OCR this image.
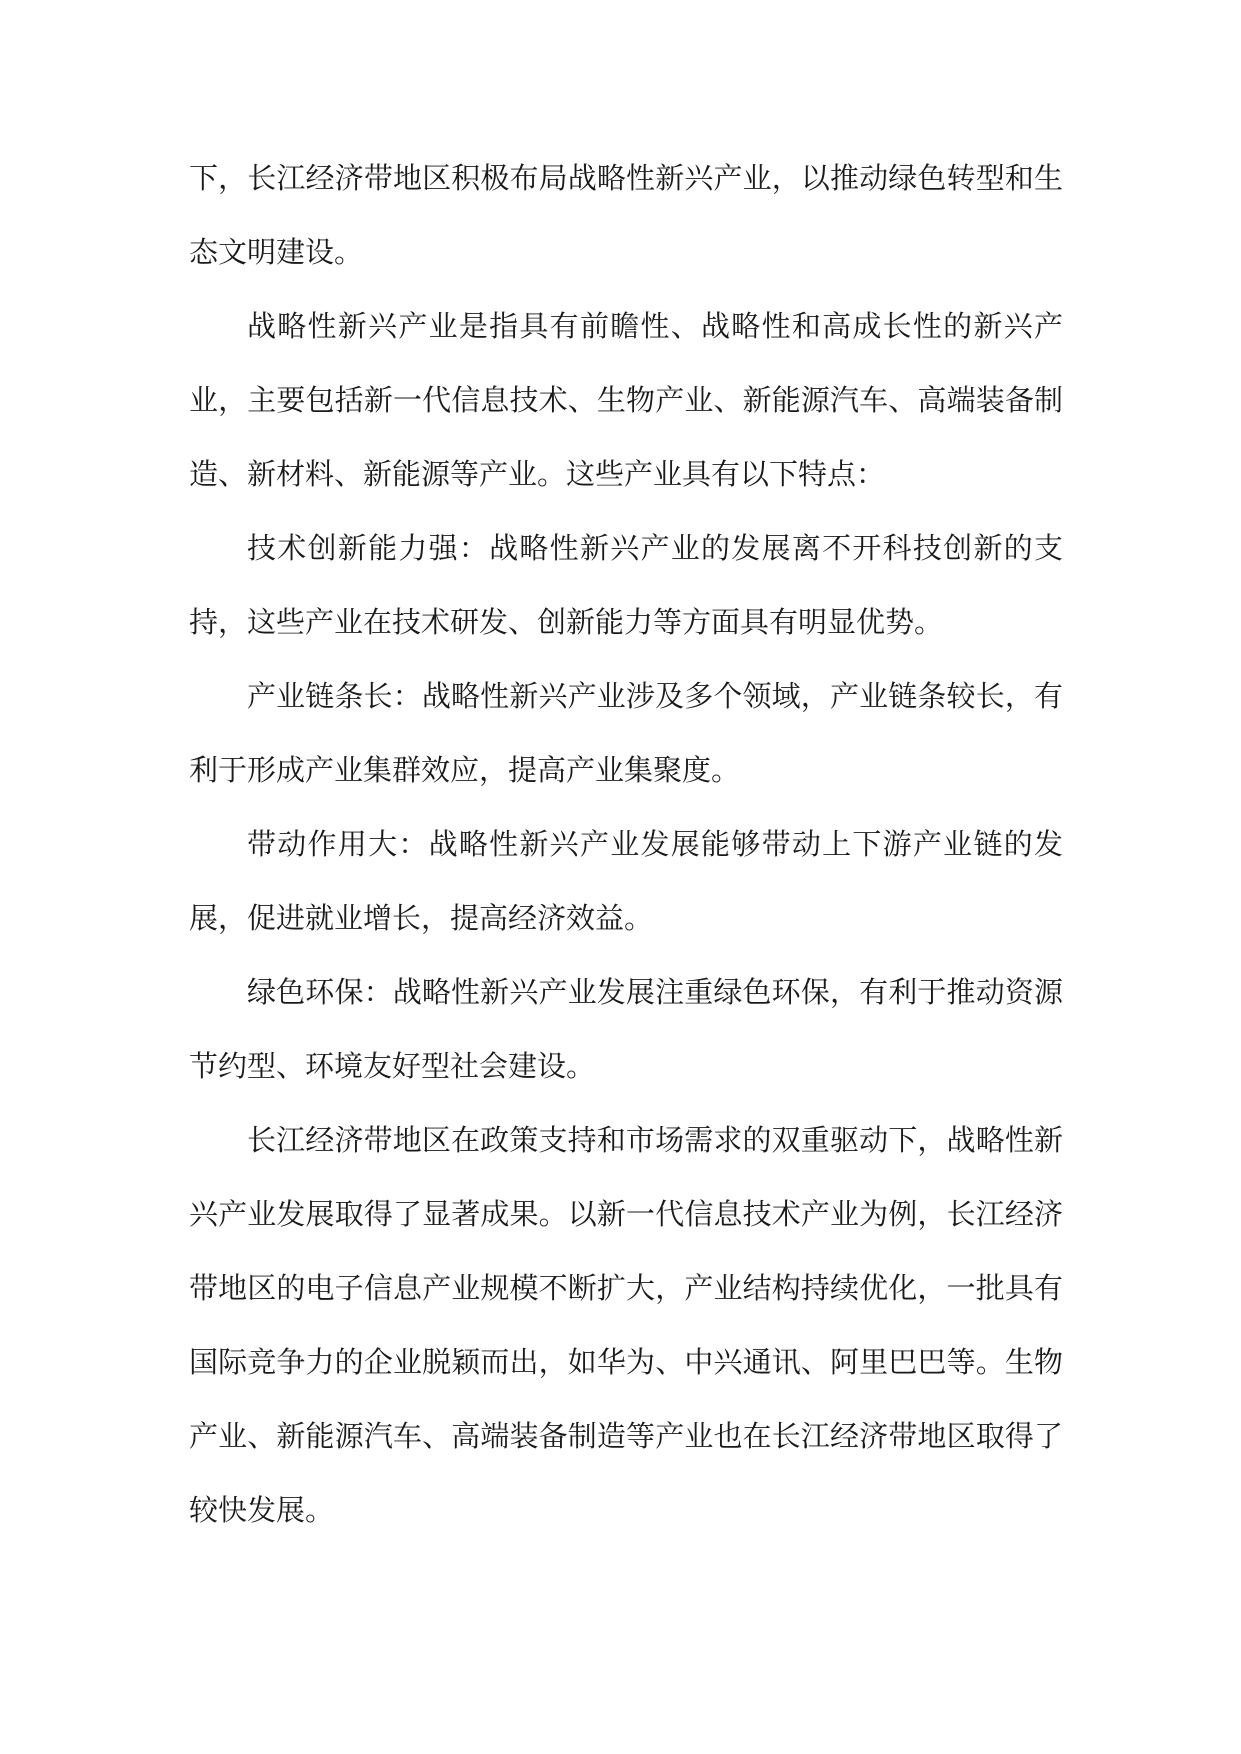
下，长江经济带地区积极布局战略性新兴产业，以推动绿色转型和生态文明建设。

战略性新兴产业是指具有前瞻性、战略性和高成长性的新兴产业，主要包括新一代信息技术、生物产业、新能源汽车、高端装备制造、新材料、新能源等产业。这些产业具有以下特点：

技术创新能力强：战略性新兴产业的发展离不开科技创新的支持，这些产业在技术研发、创新能力等方面具有明显优势。

产业链条长：战略性新兴产业涉及多个领域，产业链条较长，有利于形成产业集群效应，提高产业集聚度。

带动作用大：战略性新兴产业发展能够带动上下游产业链的发展，促进就业增长，提高经济效益。

绿色环保：战略性新兴产业发展注重绿色环保，有利于推动资源节约型、环境友好型社会建设。

长江经济带地区在政策支持和市场需求的双重驱动下，战略性新兴产业发展取得了显著成果。以新一代信息技术产业为例，长江经济带地区的电子信息产业规模不断扩大，产业结构持续优化，一批具有国际竞争力的企业脱颖而出，如华为、中兴通讯、阿里巴巴等。生物产业、新能源汽车、高端装备制造等产业也在长江经济带地区取得了较快发展。
